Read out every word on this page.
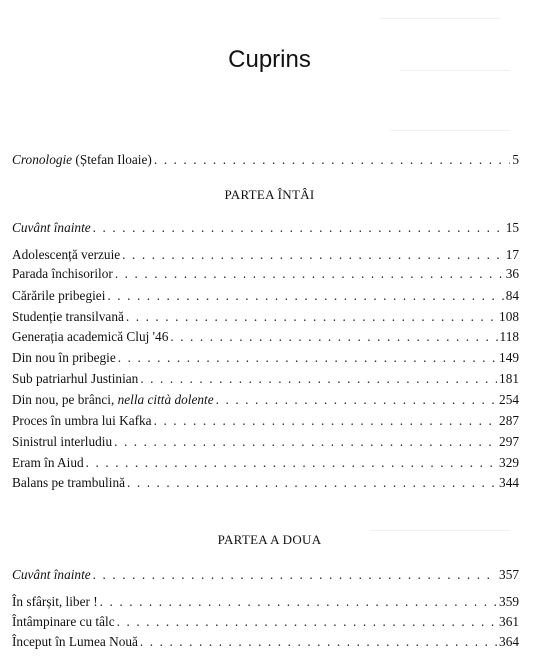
Cuprins
Cronologie (Ștefan Iloaie) . . .	5
PARTEA ÎNTÂI
Cuvânt înainte . . .	15
Adolescență verzuie . . .	17
Parada închisorilor . . .	36
Cărările pribegiei . . .	84
Studenție transilvană . . .	108
Generația academică Cluj '46 . . .	118
Din nou în pribegie . . .	149
Sub patriarhul Justinian . . .	181
Din nou, pe brânci, nella città dolente . . .	254
Proces în umbra lui Kafka . . .	287
Sinistrul interludiu . . .	297
Eram în Aiud . . .	329
Balans pe trambulină . . .	344
PARTEA A DOUA
Cuvânt înainte . . .	357
În sfârșit, liber ! . . .	359
Întâmpinare cu tâlc . . .	361
Început în Lumea Nouă . . .	364
